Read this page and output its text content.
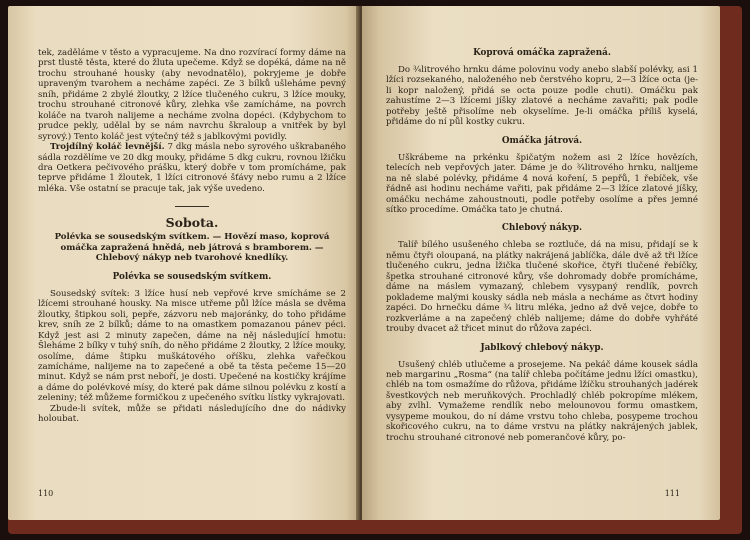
tek, zaděláme v těsto a vypracujeme. Na dno rozvírací formy dáme na prst tlustě těsta, které do žluta upečeme. Když se dopéká, dáme na ně trochu strouhané housky (aby nevodnatělo), pokryjeme je dobře upraveným tvarohem a necháme zapéci. Ze 3 bílků ušleháme pevný sníh, přidáme 2 zbylé žloutky, 2 lžíce tlučeného cukru, 3 lžíce mouky, trochu strouhané citronové kůry, zlehka vše zamícháme, na povrch koláče na tvaroh nalijeme a necháme zvolna dopéci. (Kdybychom to prudce pekly, udělal by se nám navrchu škraloup a vnitřek by byl syrový.) Tento koláč jest výtečný též s jablkovými povidly.

Trojdílný koláč levnější. 7 dkg másla nebo syrového uškrabaného sádla rozdělíme ve 20 dkg mouky, přidáme 5 dkg cukru, rovnou lžičku dra Oetkera pečivového prášku, který dobře v tom promícháme, pak teprve přidáme 1 žloutek, 1 lžíci citronové šťávy nebo rumu a 2 lžíce mléka. Vše ostatní se pracuje tak, jak výše uvedeno.

Sobota.

Polévka se sousedským svítkem. — Hovězí maso, koprová omáčka zapražená hnědá, neb játrová s bramborem. — Chlebový nákyp neb tvarohové knedlíky.

Polévka se sousedským svítkem.

Sousedský svítek: 3 lžíce husí neb vepřové krve smícháme se 2 lžícemi strouhané housky. Na misce utřeme půl lžíce másla se dvěma žloutky, štipkou soli, pepře, zázvoru neb majoránky, do toho přidáme krev, sníh ze 2 bílků; dáme to na omastkem pomazanou pánev péci. Když jest asi 2 minuty zapečen, dáme na něj následující hmotu: Šleháme 2 bílky v tuhý sníh, do něho přidáme 2 žloutky, 2 lžíce mouky, osolíme, dáme štipku muškátového oříšku, zlehka vařečkou zamícháme, nalijeme na to zapečené a obě ta těsta pečeme 15—20 minut. Když se nám prst neboří, je dosti. Upečené na kostičky krájíme a dáme do polévkové mísy, do které pak dáme silnou polévku z kostí a zeleniny; též můžeme formičkou z upečeného svítku lístky vykrajovati.

Zbude-li svítek, může se přidati následujícího dne do nádivky holoubat.

110
Koprová omáčka zapražená.

Do ¾litrového hrnku dáme polovinu vody anebo slabší polévky, asi 1 lžíci rozsekaného, naloženého neb čerstvého kopru, 2—3 lžíce octa (je-li kopr naložený, přidá se octa pouze podle chuti). Omáčku pak zahustíme 2—3 lžícemi jíšky zlatové a necháme zavařiti; pak podle potřeby ještě přisolíme neb okyselíme. Je-li omáčka příliš kyselá, přidáme do ní půl kostky cukru.

Omáčka játrová.

Uškrábeme na prkénku špičatým nožem asi 2 lžíce hovězích, telecích neb vepřových jater. Dáme je do ¾litrového hrnku, nalijeme na ně slabé polévky, přidáme 4 nová koření, 5 pepřů, 1 řebíček, vše řádně asi hodinu necháme vařiti, pak přidáme 2—3 lžíce zlatové jíšky, omáčku necháme zahoustnouti, podle potřeby osolíme a přes jemné sítko procedíme. Omáčka tato je chutná.

Chlebový nákyp.

Talíř bílého usušeného chleba se roztluče, dá na misu, přidají se k němu čtyři oloupaná, na plátky nakrájená jablíčka, dále dvě až tři lžíce tlučeného cukru, jedna lžička tlučené skořice, čtyři tlučené řebíčky, špetka strouhané citronové kůry, vše dohromady dobře promícháme, dáme na máslem vymazaný, chlebem vysypaný rendlík, povrch poklademe malými kousky sádla neb másla a necháme as čtvrt hodiny zapéci. Do hrnečku dáme ¾ litru mléka, jedno až dvě vejce, dobře to rozkverláme a na zapečený chléb nalijeme; dáme do dobře vyhřáté trouby dvacet až třicet minut do růžova zapéci.

Jablkový chlebový nákyp.

Usušený chléb utlučeme a prosejeme. Na pekáč dáme kousek sádla neb margarinu „Rosma“ (na talíř chleba počítáme jednu lžíci omastku), chléb na tom osmažíme do růžova, přidáme lžíčku strouhaných jadérek švestkových neb meruňkových. Prochladlý chléb pokropíme mlékem, aby zvlhl. Vymažeme rendlík nebo melounovou formu omastkem, vysypeme moukou, do ní dáme vrstvu toho chleba, posypeme trochou skořicového cukru, na to dáme vrstvu na plátky nakrájených jablek, trochu strouhané citronové neb pomerančové kůry, po-

111
